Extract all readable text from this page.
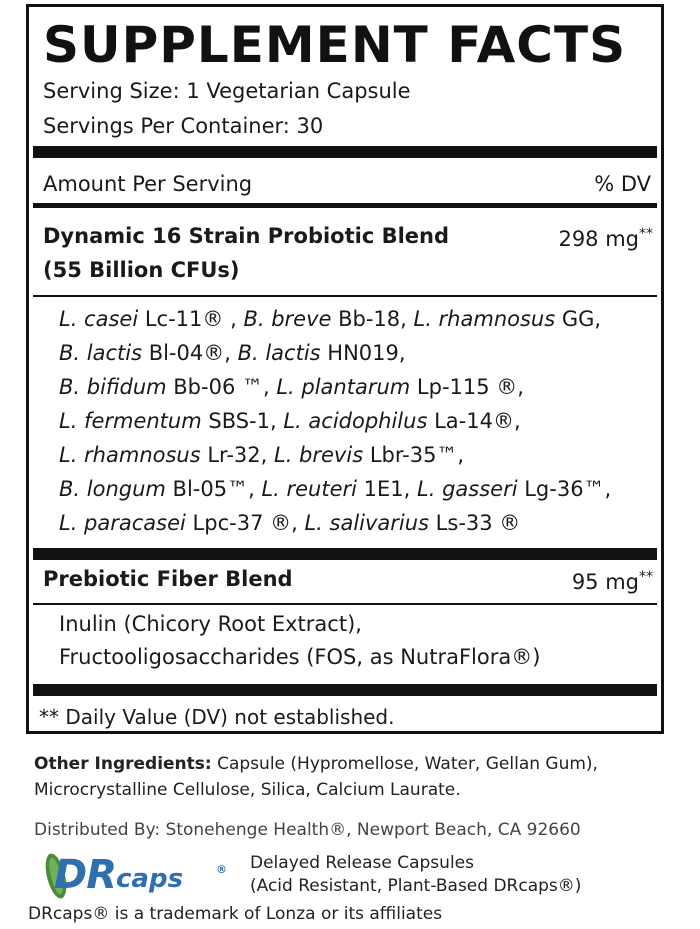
SUPPLEMENT FACTS
Serving Size: 1 Vegetarian Capsule
Servings Per Container: 30
Amount Per Serving	% DV
Dynamic 16 Strain Probiotic Blend
(55 Billion CFUs)
298 mg**
L. casei Lc-11® , B. breve Bb-18, L. rhamnosus GG,
B. lactis Bl-04®, B. lactis HN019,
B. bifidum Bb-06 ™, L. plantarum Lp-115 ®,
L. fermentum SBS-1, L. acidophilus La-14®,
L. rhamnosus Lr-32, L. brevis Lbr-35™,
B. longum Bl-05™, L. reuteri 1E1, L. gasseri Lg-36™,
L. paracasei Lpc-37 ®, L. salivarius Ls-33 ®
Prebiotic Fiber Blend	95 mg**
Inulin (Chicory Root Extract),
Fructooligosaccharides (FOS, as NutraFlora®)
** Daily Value (DV) not established.
Other Ingredients: Capsule (Hypromellose, Water, Gellan Gum),
Microcrystalline Cellulose, Silica, Calcium Laurate.
Distributed By: Stonehenge Health®, Newport Beach, CA 92660
DR caps	® Delayed Release Capsules
(Acid Resistant, Plant-Based DRcaps®)
DRcaps® is a trademark of Lonza or its affiliates
